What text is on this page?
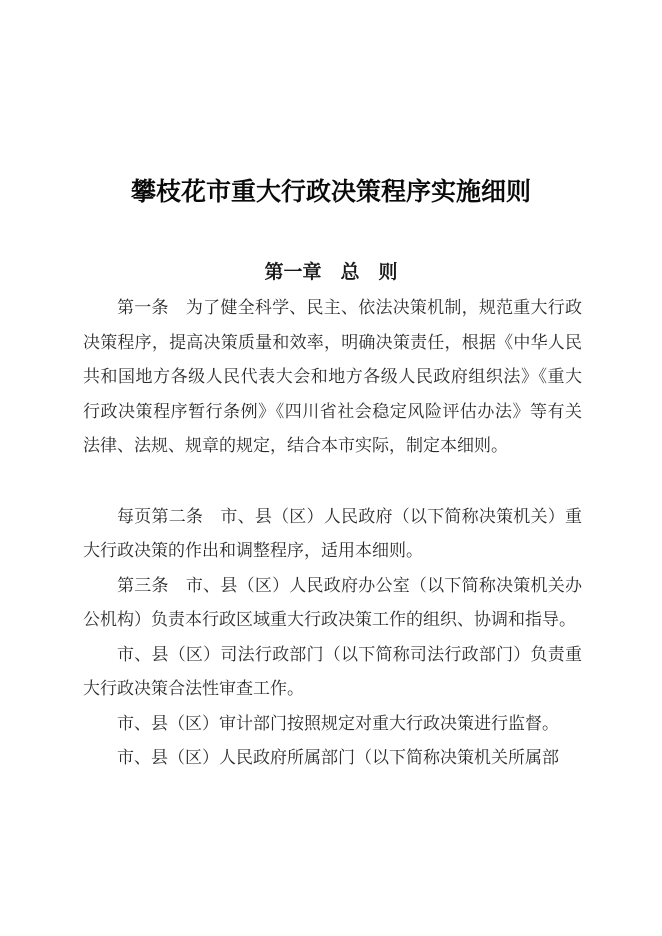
攀枝花市重大行政决策程序实施细则
第一章　总　则

第一条　为了健全科学、民主、依法决策机制，规范重大行政决策程序，提高决策质量和效率，明确决策责任，根据《中华人民共和国地方各级人民代表大会和地方各级人民政府组织法》《重大行政决策程序暂行条例》《四川省社会稳定风险评估办法》等有关法律、法规、规章的规定，结合本市实际，制定本细则。

每页第二条　市、县（区）人民政府（以下简称决策机关）重大行政决策的作出和调整程序，适用本细则。

第三条　市、县（区）人民政府办公室（以下简称决策机关办公机构）负责本行政区域重大行政决策工作的组织、协调和指导。

市、县（区）司法行政部门（以下简称司法行政部门）负责重大行政决策合法性审查工作。

市、县（区）审计部门按照规定对重大行政决策进行监督。

市、县（区）人民政府所属部门（以下简称决策机关所属部
